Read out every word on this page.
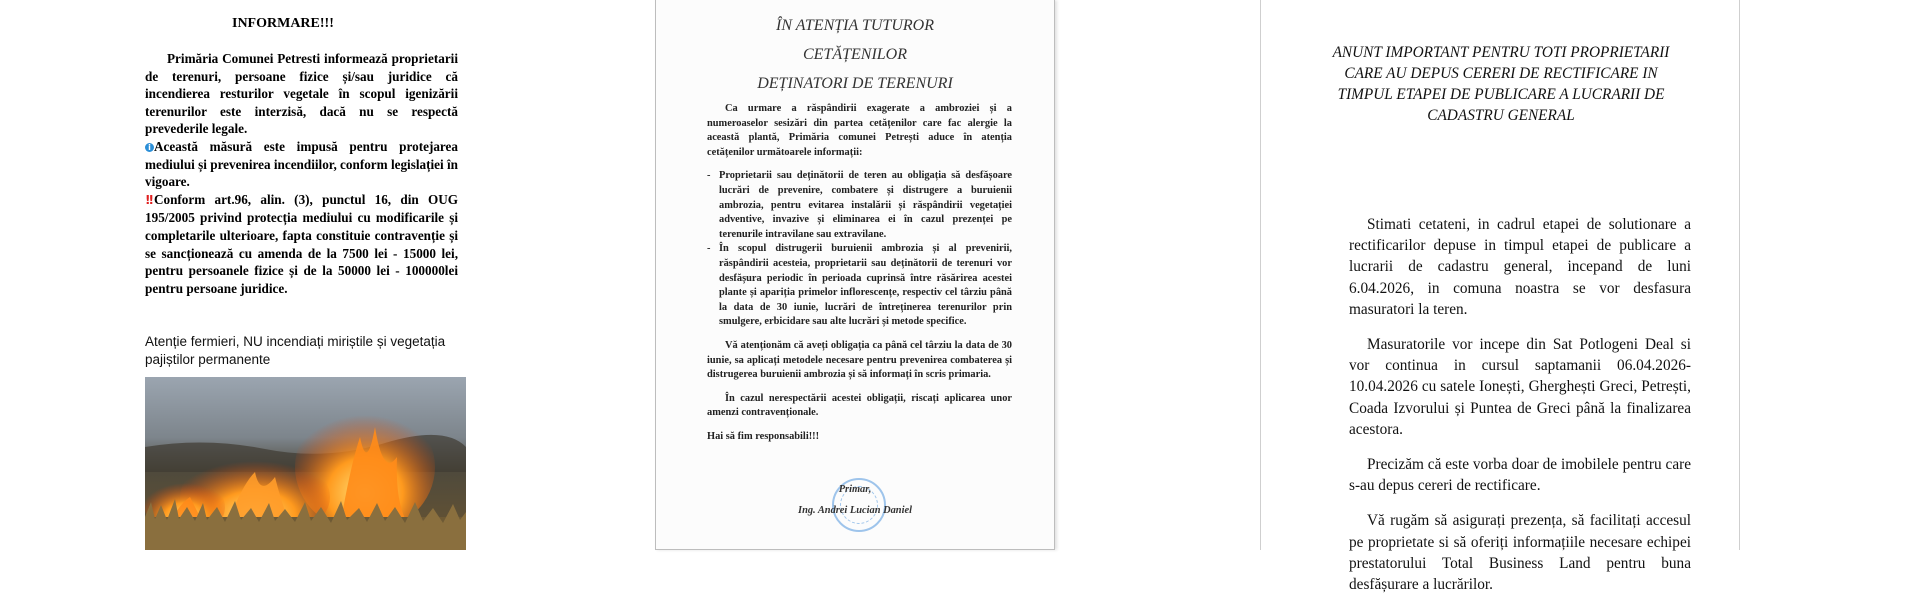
INFORMARE!!!

Primăria Comunei Petresti informează proprietarii de terenuri, persoane fizice și/sau juridice că incendierea resturilor vegetale în scopul igenizării terenurilor este interzisă, dacă nu se respectă prevederile legale.

i Această măsură este impusă pentru protejarea mediului și prevenirea incendiilor, conform legislației în vigoare.

!! Conform art.96, alin. (3), punctul 16, din OUG 195/2005 privind protecția mediului cu modificarile și completarile ulterioare, fapta constituie contravenție și se sancționează cu amenda de la 7500 lei - 15000 lei, pentru persoanele fizice și de la 50000 lei - 100000lei pentru persoane juridice.

Atenție fermieri, NU incendiați miriștile și vegetația pajiștilor permanente
ÎN ATENȚIA TUTUROR
CETĂȚENILOR
DEȚINATORI DE TERENURI

Ca urmare a răspândirii exagerate a ambroziei și a numeroaselor sesizări din partea cetățenilor care fac alergie la această plantă, Primăria comunei Petrești aduce în atenția cetățenilor următoarele informații:

- Proprietarii sau deținătorii de teren au obligația să desfășoare lucrări de prevenire, combatere și distrugere a buruienii ambrozia, pentru evitarea instalării și răspândirii vegetației adventive, invazive și eliminarea ei în cazul prezenței pe terenurile intravilane sau extravilane.
- În scopul distrugerii buruienii ambrozia și al prevenirii, răspândirii acesteia, proprietarii sau deținătorii de terenuri vor desfășura periodic în perioada cuprinsă între răsărirea acestei plante și apariția primelor inflorescențe, respectiv cel târziu până la data de 30 iunie, lucrări de întreținerea terenurilor prin smulgere, erbicidare sau alte lucrări și metode specifice.

Vă atenționăm că aveți obligația ca până cel târziu la data de 30 iunie, sa aplicați metodele necesare pentru prevenirea combaterea și distrugerea buruienii ambrozia și să informați în scris primaria.

În cazul nerespectării acestei obligații, riscați aplicarea unor amenzi contravenționale.

Hai să fim responsabili!!!

Primar,
Ing. Andrei Lucian Daniel
ANUNT IMPORTANT PENTRU TOTI PROPRIETARII CARE AU DEPUS CERERI DE RECTIFICARE IN TIMPUL ETAPEI DE PUBLICARE A LUCRARII DE CADASTRU GENERAL

Stimati cetateni, in cadrul etapei de solutionare a rectificarilor depuse in timpul etapei de publicare a lucrarii de cadastru general, incepand de luni 6.04.2026, in comuna noastra se vor desfasura masuratori la teren.

Masuratorile vor incepe din Sat Potlogeni Deal si vor continua in cursul saptamanii 06.04.2026-10.04.2026 cu satele Ionești, Gherghești Greci, Petrești, Coada Izvorului și Puntea de Greci până la finalizarea acestora.

Precizăm că este vorba doar de imobilele pentru care s-au depus cereri de rectificare.

Vă rugăm să asigurați prezența, să facilitați accesul pe proprietate si să oferiți informațiile necesare echipei prestatorului Total Business Land pentru buna desfășurare a lucrărilor.
